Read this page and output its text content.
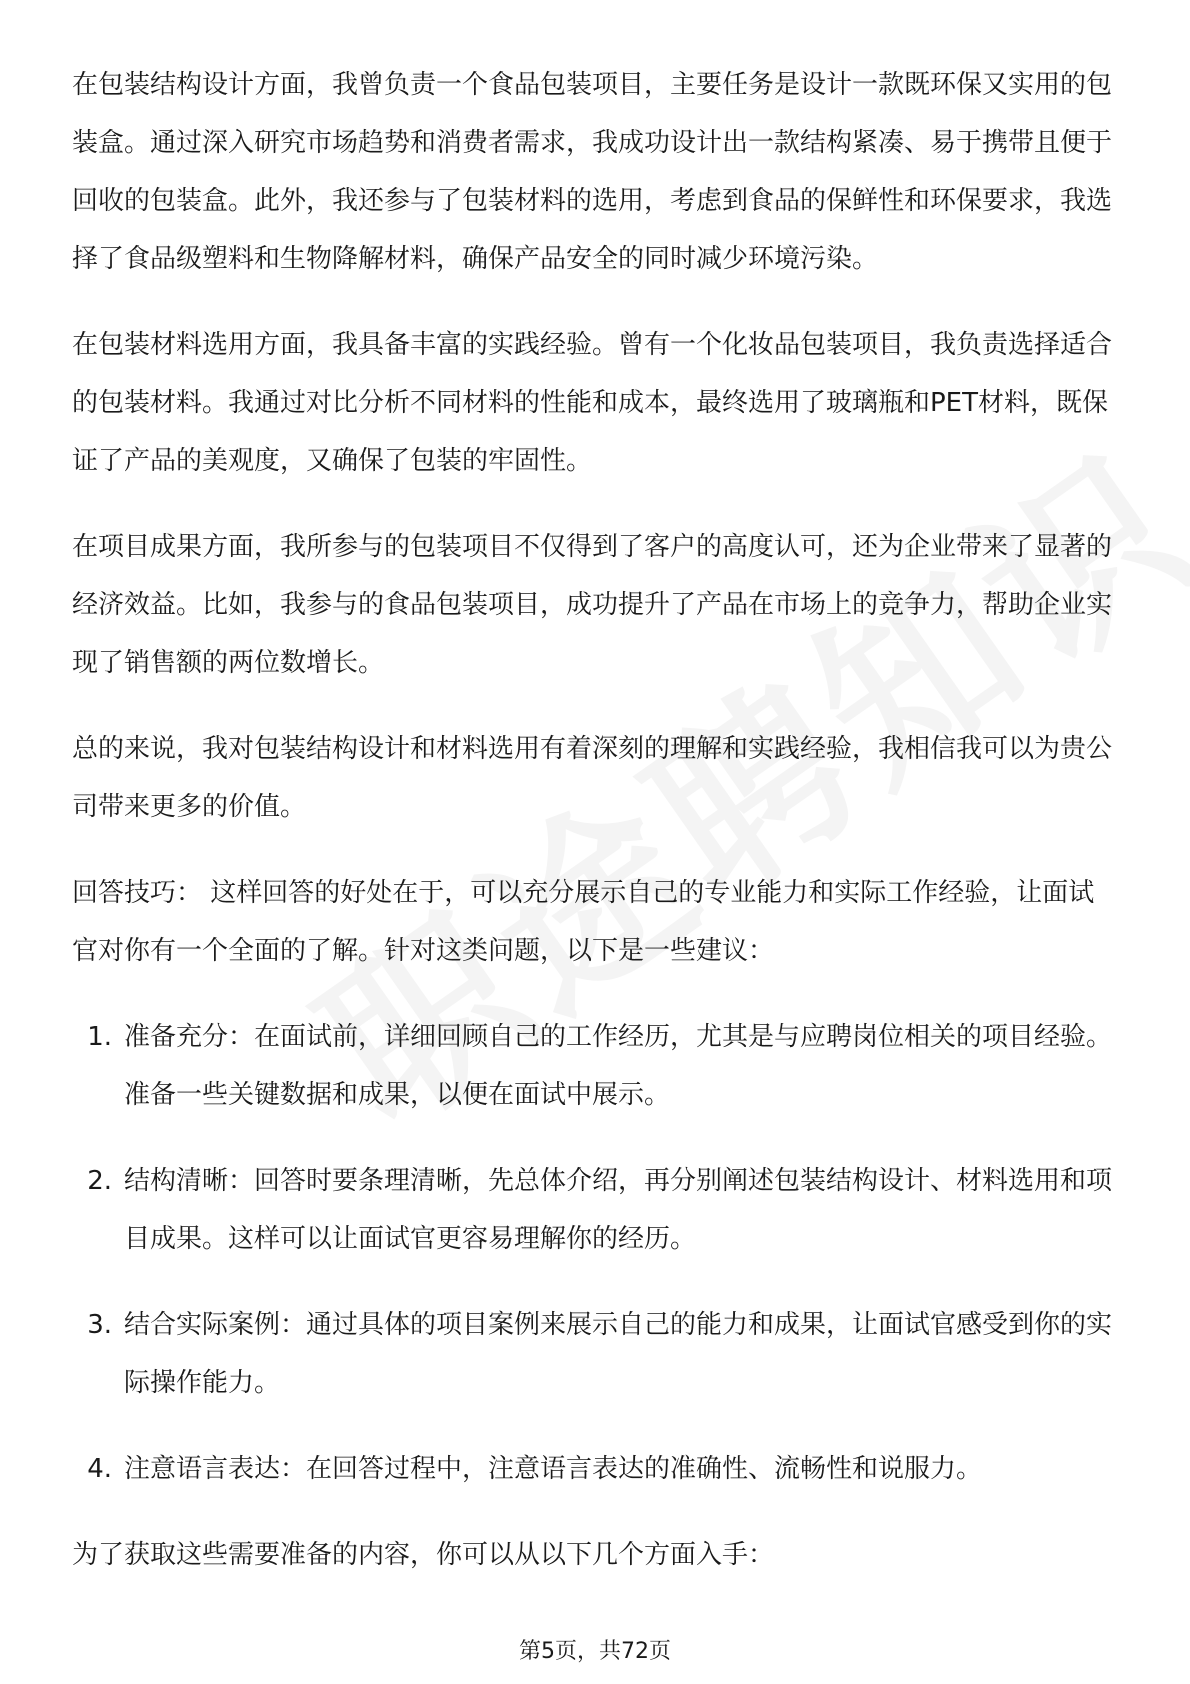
在包装结构设计方面，我曾负责一个食品包装项目，主要任务是设计一款既环保又实用的包装盒。通过深入研究市场趋势和消费者需求，我成功设计出一款结构紧凑、易于携带且便于回收的包装盒。此外，我还参与了包装材料的选用，考虑到食品的保鲜性和环保要求，我选择了食品级塑料和生物降解材料，确保产品安全的同时减少环境污染。

在包装材料选用方面，我具备丰富的实践经验。曾有一个化妆品包装项目，我负责选择适合的包装材料。我通过对比分析不同材料的性能和成本，最终选用了玻璃瓶和PET材料，既保证了产品的美观度，又确保了包装的牢固性。

在项目成果方面，我所参与的包装项目不仅得到了客户的高度认可，还为企业带来了显著的经济效益。比如，我参与的食品包装项目，成功提升了产品在市场上的竞争力，帮助企业实现了销售额的两位数增长。

总的来说，我对包装结构设计和材料选用有着深刻的理解和实践经验，我相信我可以为贵公司带来更多的价值。

回答技巧： 这样回答的好处在于，可以充分展示自己的专业能力和实际工作经验，让面试官对你有一个全面的了解。针对这类问题，以下是一些建议：

1. 准备充分：在面试前，详细回顾自己的工作经历，尤其是与应聘岗位相关的项目经验。准备一些关键数据和成果，以便在面试中展示。
2. 结构清晰：回答时要条理清晰，先总体介绍，再分别阐述包装结构设计、材料选用和项目成果。这样可以让面试官更容易理解你的经历。
3. 结合实际案例：通过具体的项目案例来展示自己的能力和成果，让面试官感受到你的实际操作能力。
4. 注意语言表达：在回答过程中，注意语言表达的准确性、流畅性和说服力。

为了获取这些需要准备的内容，你可以从以下几个方面入手：

第5页，共72页
